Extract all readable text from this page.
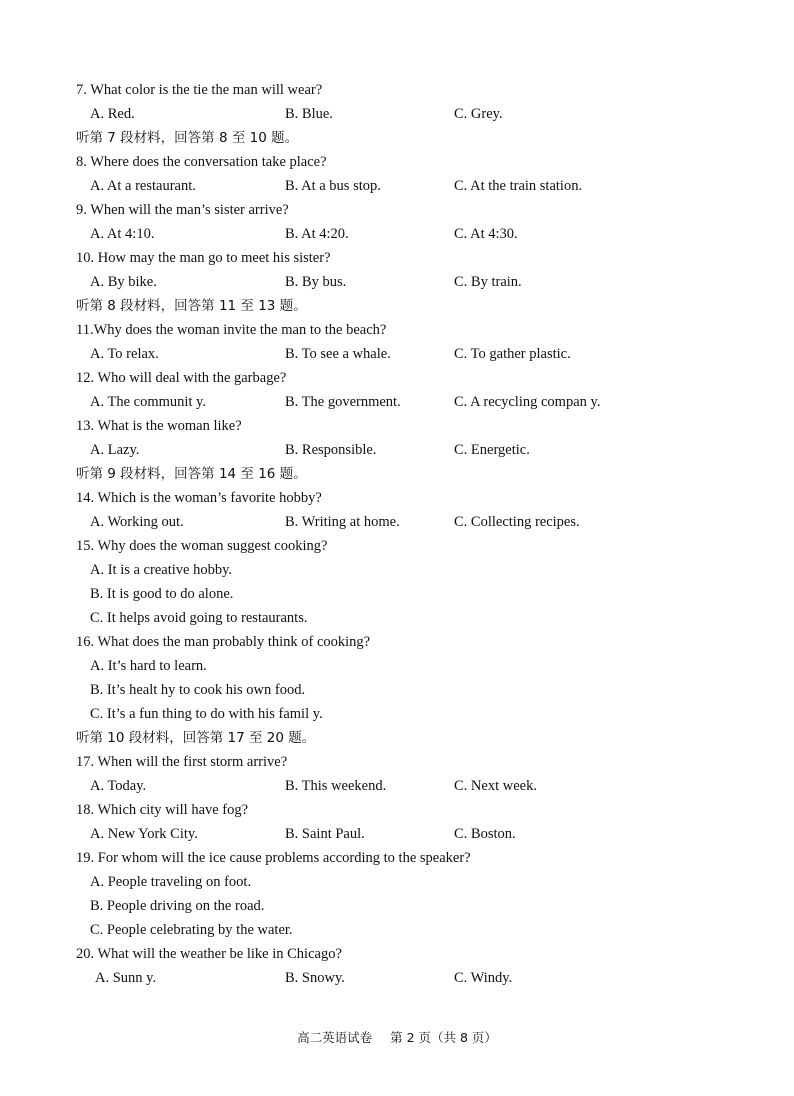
7. What color is the tie the man will wear?
A. Red.	B. Blue.	C. Grey.
听第 7 段材料，回答第 8 至 10 题。
8. Where does the conversation take place?
A. At a restaurant.	B. At a bus stop.	C. At the train station.
9. When will the man’s sister arrive?
A. At 4:10.	B. At 4:20.	C. At 4:30.
10. How may the man go to meet his sister?
A. By bike.	B. By bus.	C. By train.
听第 8 段材料，回答第 11 至 13 题。
11.Why does the woman invite the man to the beach?
A. To relax.	B. To see a whale.	C. To gather plastic.
12. Who will deal with the garbage?
A. The communit y.	B. The government.	C. A recycling compan y.
13. What is the woman like?
A. Lazy.	B. Responsible.	C. Energetic.
听第 9 段材料，回答第 14 至 16 题。
14. Which is the woman’s favorite hobby?
A. Working out.	B. Writing at home.	C. Collecting recipes.
15. Why does the woman suggest cooking?
A. It is a creative hobby.
B. It is good to do alone.
C. It helps avoid going to restaurants.
16. What does the man probably think of cooking?
A. It’s hard to learn.
B. It’s healt hy to cook his own food.
C. It’s a fun thing to do with his famil y.
听第 10 段材料，回答第 17 至 20 题。
17. When will the first storm arrive?
A. Today.	B. This weekend.	C. Next week.
18. Which city will have fog?
A. New York City.	B. Saint Paul.	C. Boston.
19. For whom will the ice cause problems according to the speaker?
A. People traveling on foot.
B. People driving on the road.
C. People celebrating by the water.
20. What will the weather be like in Chicago?
A. Sunn y.	B. Snowy.	C. Windy.
高二英语试卷 第 2 页（共 8 页）
